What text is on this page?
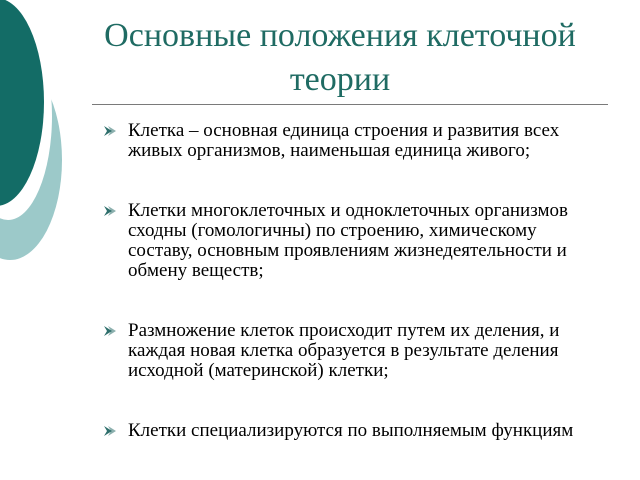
Основные положения клеточной теории
Клетка – основная единица строения и развития всех живых организмов, наименьшая единица живого;
Клетки многоклеточных и одноклеточных организмов сходны (гомологичны) по строению, химическому составу, основным проявлениям жизнедеятельности и обмену веществ;
Размножение клеток происходит путем их деления, и каждая новая клетка образуется в результате деления исходной (материнской) клетки;
Клетки специализируются по выполняемым функциям
